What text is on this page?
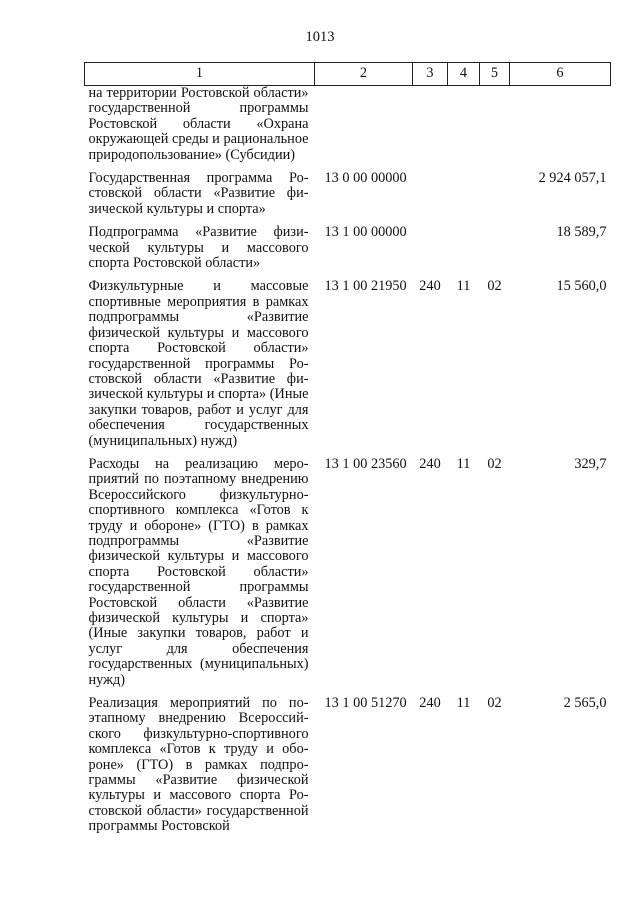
1013
1	2	3	4	5	6
на территории Ростовской области» государственной программы Ростовской области «Охрана окружающей среды и рациональное природопользование» (Субсидии)					
Государственная программа Ростовской области «Развитие физической культуры и спорта»	13 0 00 00000				2 924 057,1
Подпрограмма «Развитие физической культуры и массового спорта Ростовской области»	13 1 00 00000				18 589,7
Физкультурные и массовые спортивные мероприятия в рамках подпрограммы «Развитие физической культуры и массового спорта Ростовской области» государственной программы Ростовской области «Развитие физической культуры и спорта» (Иные закупки товаров, работ и услуг для обеспечения государственных (муниципальных) нужд)	13 1 00 21950	240	11	02	15 560,0
Расходы на реализацию мероприятий по поэтапному внедрению Всероссийского физкультурно-спортивного комплекса «Готов к труду и обороне» (ГТО) в рамках подпрограммы «Развитие физической культуры и массового спорта Ростовской области» государственной программы Ростовской области «Развитие физической культуры и спорта» (Иные закупки товаров, работ и услуг для обеспечения государственных (муниципальных) нужд)	13 1 00 23560	240	11	02	329,7
Реализация мероприятий по поэтапному внедрению Всероссийского физкультурно-спортивного комплекса «Готов к труду и обороне» (ГТО) в рамках подпрограммы «Развитие физической культуры и массового спорта Ростовской области» государственной программы Ростовской	13 1 00 51270	240	11	02	2 565,0
